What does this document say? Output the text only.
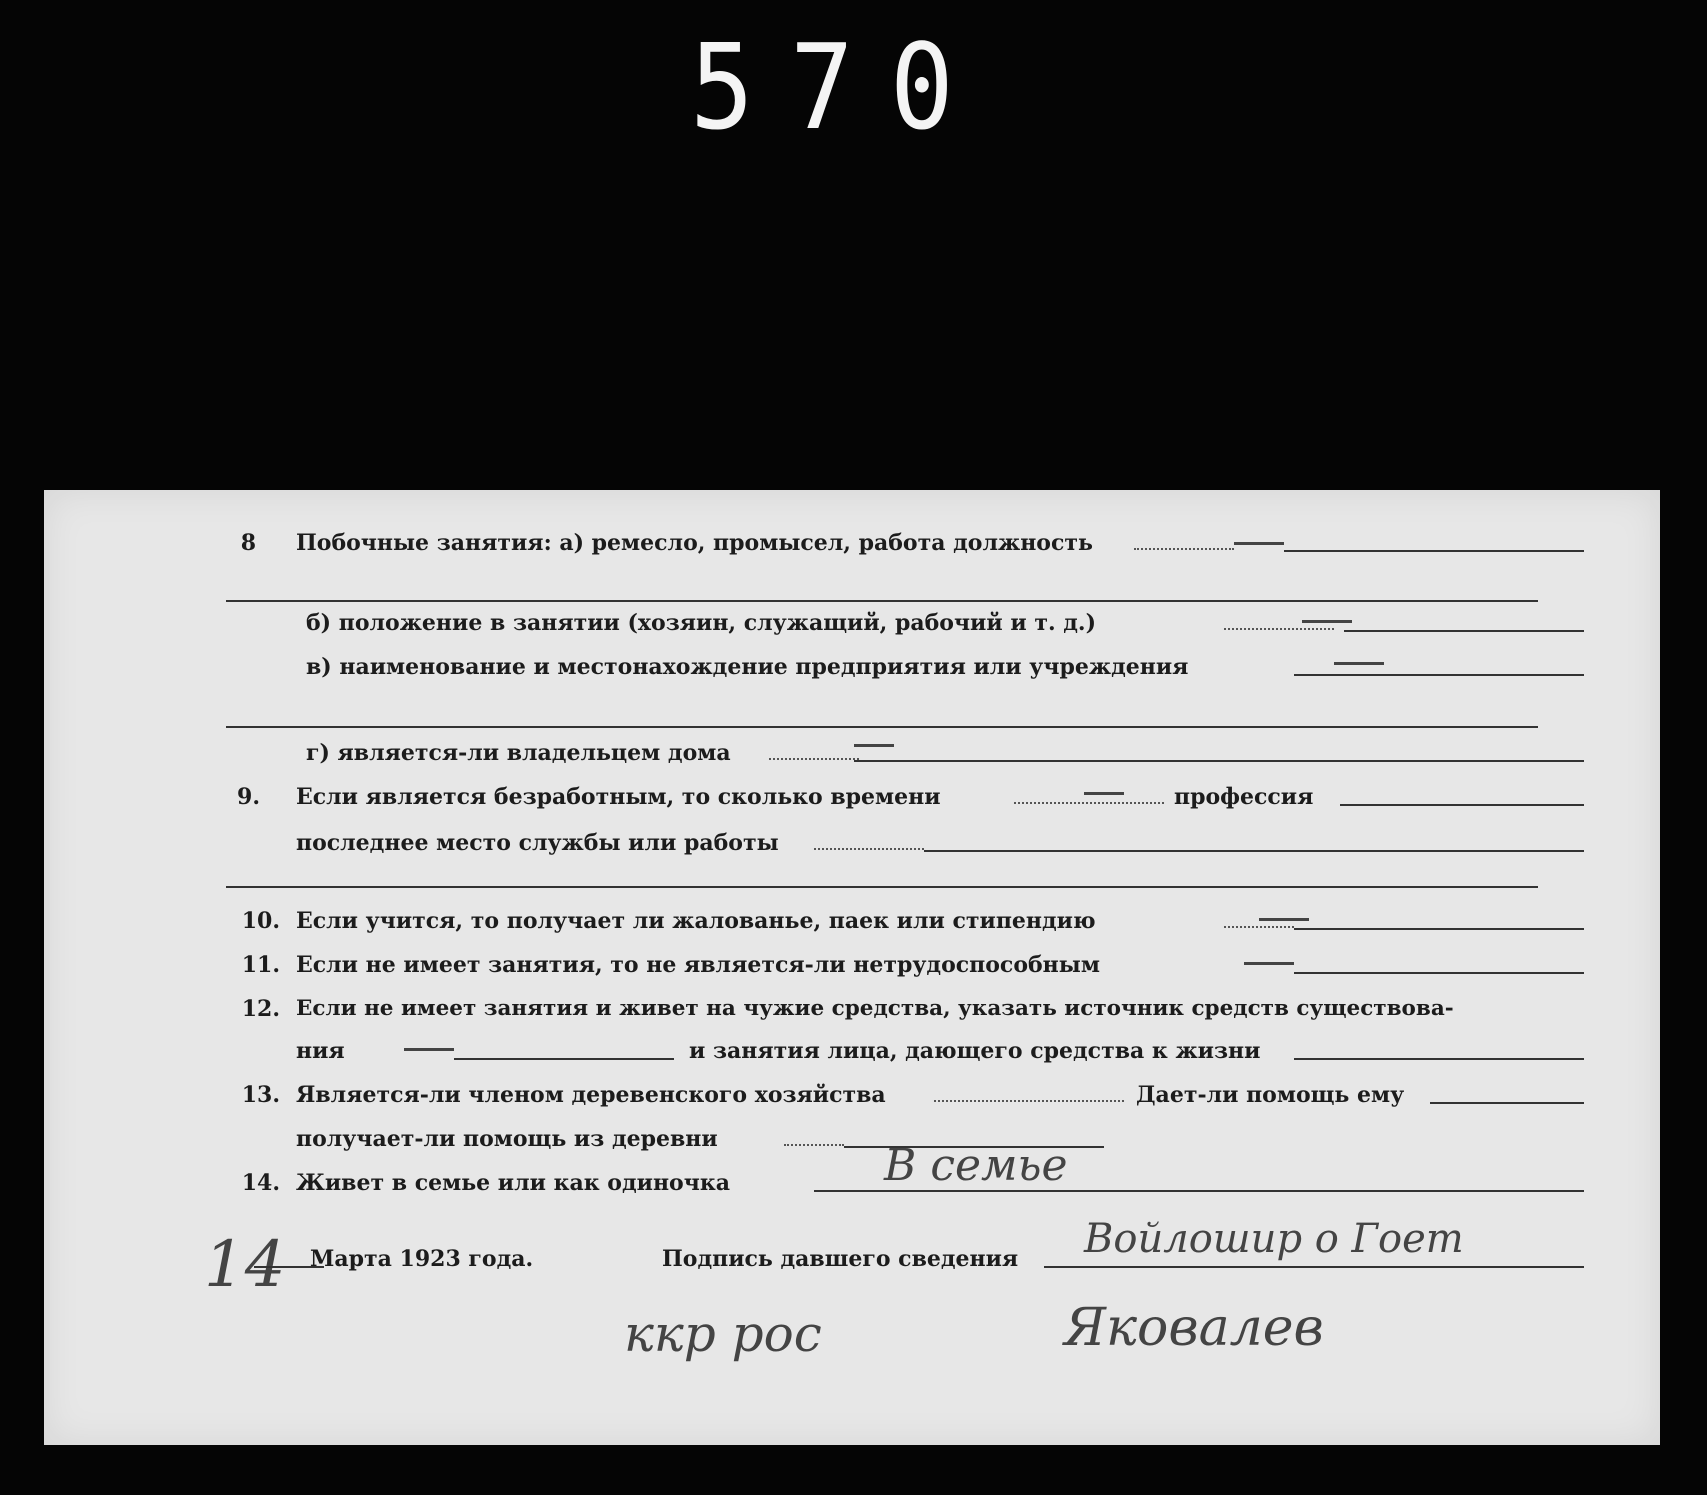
570
8 Побочные занятия: а) ремесло, промысел, работа должность
б) положение в занятии (хозяин, служащий, рабочий и т. д.)
в) наименование и местонахождение предприятия или учреждения
г) является-ли владельцем дома
9. Если является безработным, то сколько времени	профессия
последнее место службы или работы
10. Если учится, то получает ли жалованье, паек или стипендию
11. Если не имеет занятия, то не является-ли нетрудоспособным
12. Если не имеет занятия и живет на чужие средства, указать источник средств существова-
ния	и занятия лица, дающего средства к жизни
13. Является-ли членом деревенского хозяйства	Дает-ли помощь ему
получает-ли помощь из деревни
14. Живет в семье или как одиночка	В семье
14 Марта 1923 года.	Подпись давшего сведения Войлошир о Гоет
ккр рос	Яковалев
